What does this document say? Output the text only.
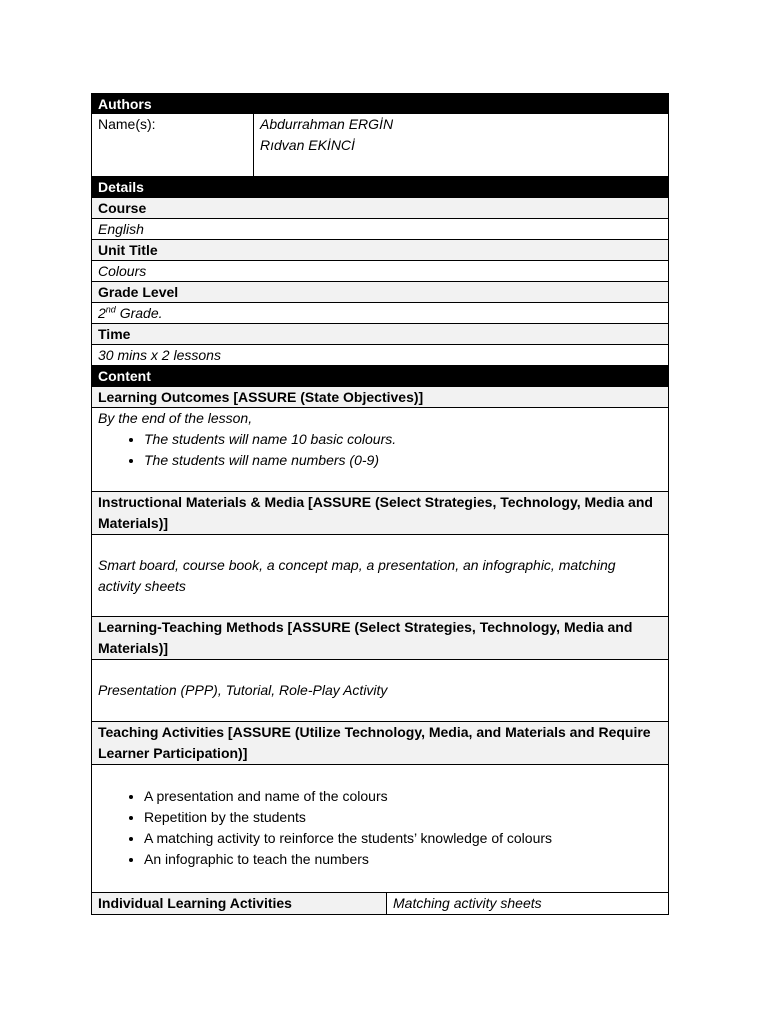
Authors
Name(s):	Abdurrahman ERGİN
Rıdvan EKİNCİ
Details
Course
English
Unit Title
Colours
Grade Level
2nd Grade.
Time
30 mins x 2 lessons
Content
Learning Outcomes [ASSURE (State Objectives)]
By the end of the lesson,
• The students will name 10 basic colours.
• The students will name numbers (0-9)
Instructional Materials & Media [ASSURE (Select Strategies, Technology, Media and Materials)]
Smart board, course book, a concept map, a presentation, an infographic, matching activity sheets
Learning-Teaching Methods [ASSURE (Select Strategies, Technology, Media and Materials)]
Presentation (PPP), Tutorial, Role-Play Activity
Teaching Activities [ASSURE (Utilize Technology, Media, and Materials and Require Learner Participation)]
• A presentation and name of the colours
• Repetition by the students
• A matching activity to reinforce the students’ knowledge of colours
• An infographic to teach the numbers
Individual Learning Activities	Matching activity sheets
